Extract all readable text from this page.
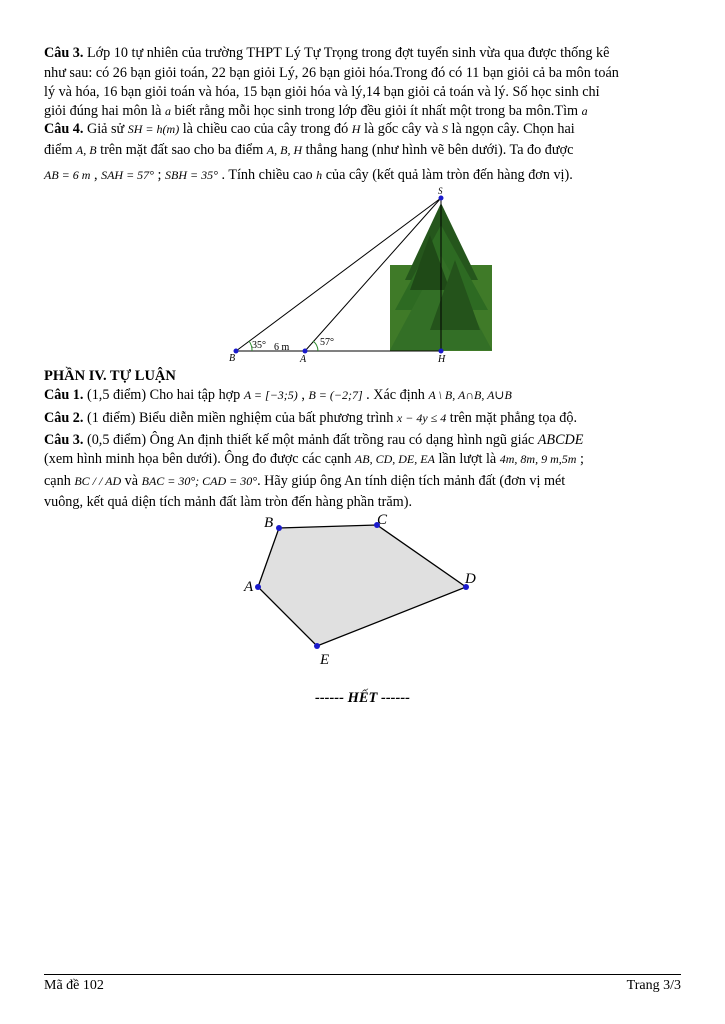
Câu 3. Lớp 10 tự nhiên của trường THPT Lý Tự Trọng trong đợt tuyển sinh vừa qua được thống kê
như sau: có 26 bạn giỏi toán, 22 bạn giỏi Lý, 26 bạn giỏi hóa.Trong đó có 11 bạn giỏi cả ba môn toán
lý và hóa, 16 bạn giỏi toán và hóa, 15 bạn giỏi hóa và lý,14 bạn giỏi cả toán và lý. Số học sinh chỉ
giỏi đúng hai môn là a biết rằng mỗi học sinh trong lớp đều giỏi ít nhất một trong ba môn.Tìm a
Câu 4. Giả sử SH = h(m) là chiều cao của cây trong đó H là gốc cây và S là ngọn cây. Chọn hai
điểm A, B trên mặt đất sao cho ba điểm A, B, H thẳng hang (như hình vẽ bên dưới). Ta đo được
AB = 6 m , SAH = 57° ; SBH = 35° . Tính chiều cao h của cây (kết quả làm tròn đến hàng đơn vị).
S
B	A	H
35° 6 m	57°
PHẦN IV. TỰ LUẬN
Câu 1. (1,5 điểm) Cho hai tập hợp A = [−3;5) , B = (−2;7] . Xác định A \ B, A∩B, A∪B
Câu 2. (1 điểm) Biểu diễn miền nghiệm của bất phương trình x − 4y ≤ 4 trên mặt phẳng tọa độ.
Câu 3. (0,5 điểm) Ông An định thiết kế một mảnh đất trồng rau có dạng hình ngũ giác ABCDE
(xem hình minh họa bên dưới). Ông đo được các cạnh AB, CD, DE, EA lần lượt là 4m, 8m, 9 m,5m ;
cạnh BC / / AD và BAC = 30°; CAD = 30°. Hãy giúp ông An tính diện tích mảnh đất (đơn vị mét
vuông, kết quả diện tích mảnh đất làm tròn đến hàng phần trăm).
A
B	C
D
E
------ HẾT ------
Mã đề 102	Trang 3/3
